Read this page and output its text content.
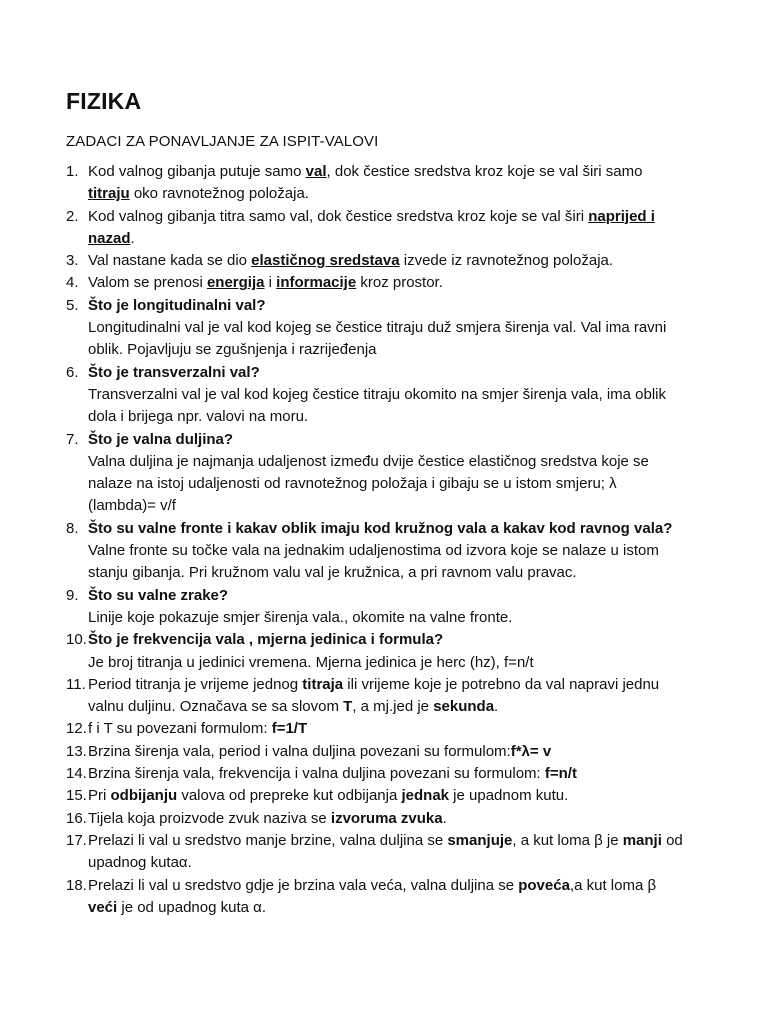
FIZIKA

ZADACI ZA PONAVLJANJE ZA ISPIT-VALOVI

1. Kod valnog gibanja putuje samo val, dok čestice sredstva kroz koje se val širi samo titraju oko ravnotežnog položaja.
2. Kod valnog gibanja titra samo val, dok čestice sredstva kroz koje se val širi naprijed i nazad.
3. Val nastane kada se dio elastičnog sredstava izvede iz ravnotežnog položaja.
4. Valom se prenosi energija i informacije kroz prostor.
5. Što je longitudinalni val?
Longitudinalni val je val kod kojeg se čestice titraju duž smjera širenja val. Val ima ravni oblik. Pojavljuju se zgušnjenja i razrijeđenja
6. Što je transverzalni val?
Transverzalni val je val kod kojeg čestice titraju okomito na smjer širenja vala, ima oblik dola i brijega npr. valovi na moru.
7. Što je valna duljina?
Valna duljina je najmanja udaljenost između dvije čestice elastičnog sredstva koje se nalaze na istoj udaljenosti od ravnotežnog položaja i gibaju se u istom smjeru; λ (lambda)= v/f
8. Što su valne fronte i kakav oblik imaju kod kružnog vala a kakav kod ravnog vala?
Valne fronte su točke vala na jednakim udaljenostima od izvora koje se nalaze u istom stanju gibanja. Pri kružnom valu val je kružnica, a pri ravnom valu pravac.
9. Što su valne zrake?
Linije koje pokazuje smjer širenja vala., okomite na valne fronte.
10. Što je frekvencija vala , mjerna jedinica i formula?
Je broj titranja u jedinici vremena. Mjerna jedinica je herc (hz), f=n/t
11. Period titranja je vrijeme jednog titraja ili vrijeme koje je potrebno da val napravi jednu valnu duljinu. Označava se sa slovom T, a mj.jed je sekunda.
12. f i T su povezani formulom: f=1/T
13. Brzina širenja vala, period i valna duljina povezani su formulom:f*λ= v
14. Brzina širenja vala, frekvencija i valna duljina povezani su formulom: f=n/t
15. Pri odbijanju valova od prepreke kut odbijanja jednak je upadnom kutu.
16. Tijela koja proizvode zvuk naziva se izvoruma zvuka.
17. Prelazi li val u sredstvo manje brzine, valna duljina se smanjuje, a kut loma β je manji od upadnog kutaα.
18. Prelazi li val u sredstvo gdje je brzina vala veća, valna duljina se poveća,a kut loma β veći je od upadnog kuta α.
